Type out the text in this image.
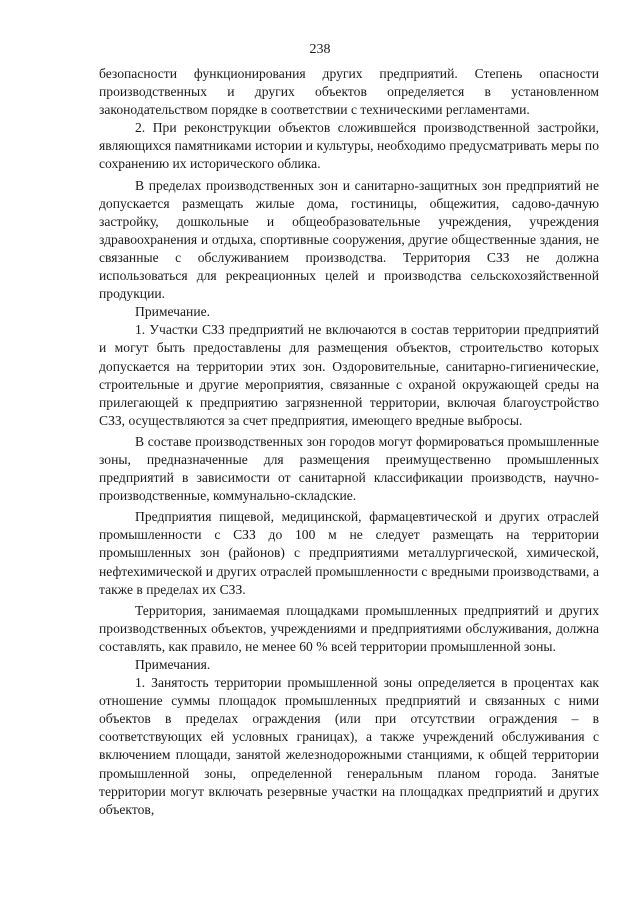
238

безопасности функционирования других предприятий. Степень опасности производственных и других объектов определяется в установленном законодательством порядке в соответствии с техническими регламентами.

2. При реконструкции объектов сложившейся производственной застройки, являющихся памятниками истории и культуры, необходимо предусматривать меры по сохранению их исторического облика.

В пределах производственных зон и санитарно-защитных зон предприятий не допускается размещать жилые дома, гостиницы, общежития, садово-дачную застройку, дошкольные и общеобразовательные учреждения, учреждения здравоохранения и отдыха, спортивные сооружения, другие общественные здания, не связанные с обслуживанием производства. Территория СЗЗ не должна использоваться для рекреационных целей и производства сельскохозяйственной продукции.

Примечание.

1. Участки СЗЗ предприятий не включаются в состав территории предприятий и могут быть предоставлены для размещения объектов, строительство которых допускается на территории этих зон. Оздоровительные, санитарно-гигиенические, строительные и другие мероприятия, связанные с охраной окружающей среды на прилегающей к предприятию загрязненной территории, включая благоустройство СЗЗ, осуществляются за счет предприятия, имеющего вредные выбросы.

В составе производственных зон городов могут формироваться промышленные зоны, предназначенные для размещения преимущественно промышленных предприятий в зависимости от санитарной классификации производств, научно-производственные, коммунально-складские.

Предприятия пищевой, медицинской, фармацевтической и других отраслей промышленности с СЗЗ до 100 м не следует размещать на территории промышленных зон (районов) с предприятиями металлургической, химической, нефтехимической и других отраслей промышленности с вредными производствами, а также в пределах их СЗЗ.

Территория, занимаемая площадками промышленных предприятий и других производственных объектов, учреждениями и предприятиями обслуживания, должна составлять, как правило, не менее 60 % всей территории промышленной зоны.

Примечания.

1. Занятость территории промышленной зоны определяется в процентах как отношение суммы площадок промышленных предприятий и связанных с ними объектов в пределах ограждения (или при отсутствии ограждения – в соответствующих ей условных границах), а также учреждений обслуживания с включением площади, занятой железнодорожными станциями, к общей территории промышленной зоны, определенной генеральным планом города. Занятые территории могут включать резервные участки на площадках предприятий и других объектов,
